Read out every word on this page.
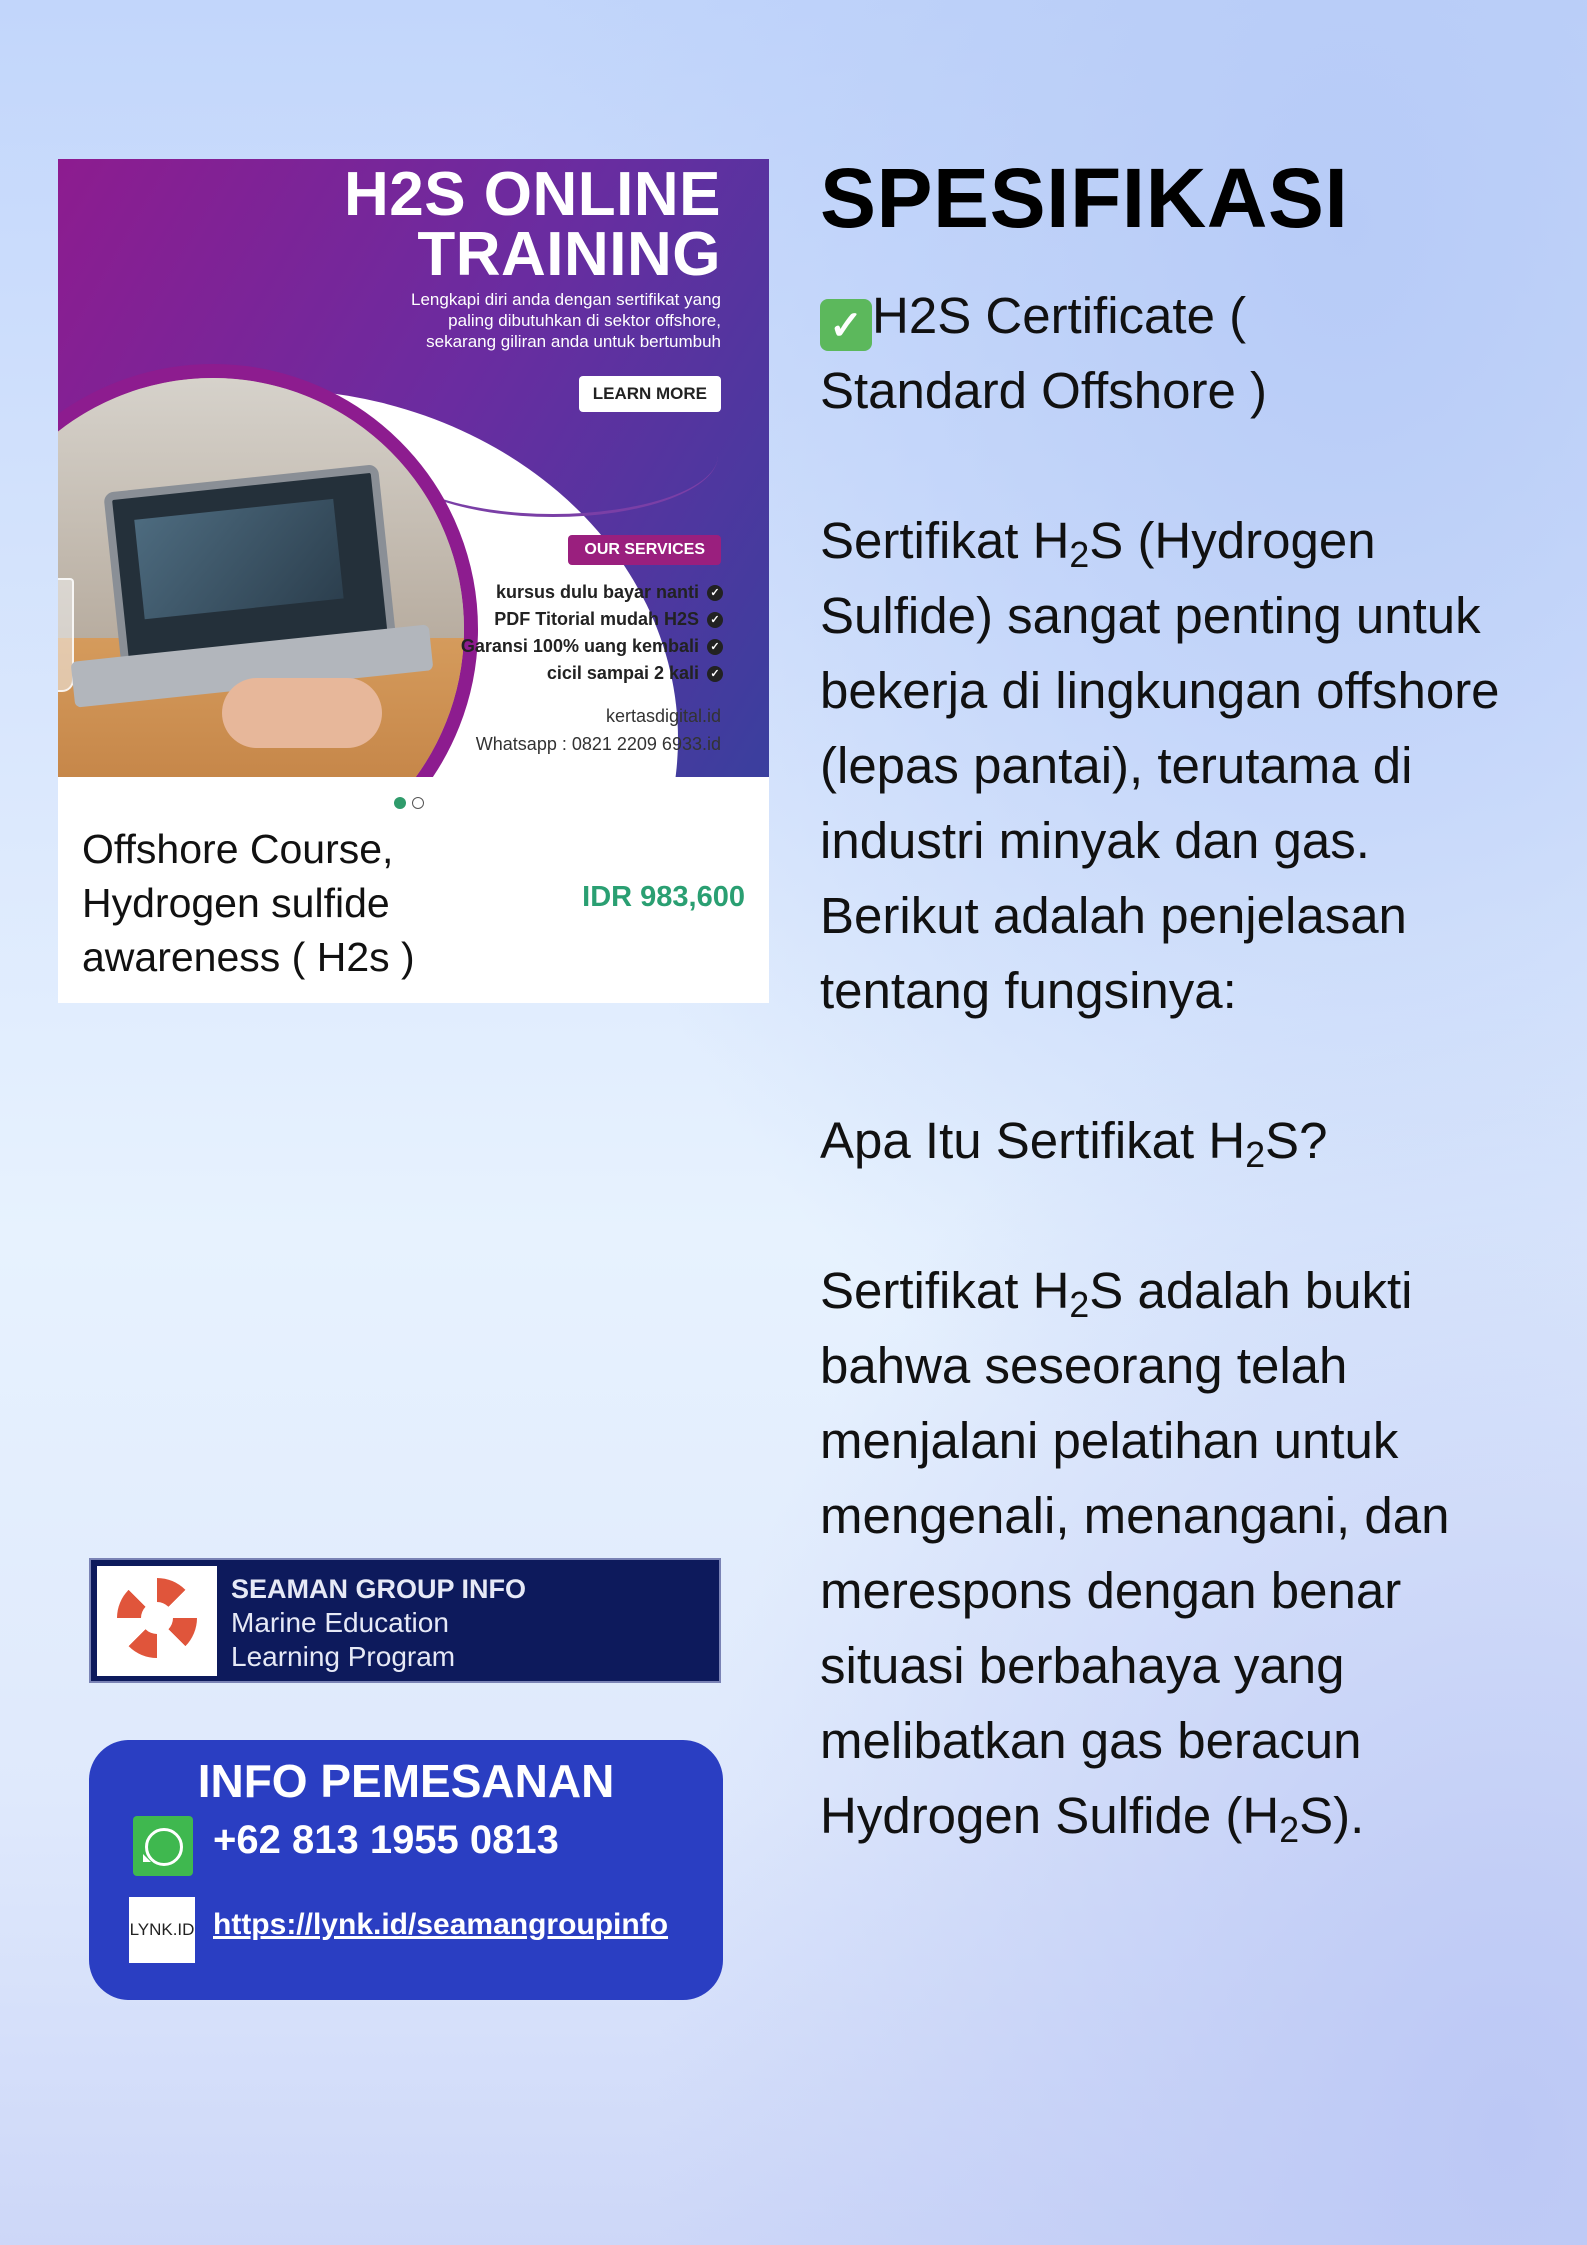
H2S ONLINE
TRAINING
Lengkapi diri anda dengan sertifikat yang
paling dibutuhkan di sektor offshore,
sekarang giliran anda untuk bertumbuh
LEARN MORE
OUR SERVICES
kursus dulu bayar nanti ✓
PDF Titorial mudah H2S ✓
Garansi 100% uang kembali ✓
cicil sampai 2 kali ✓
kertasdigital.id
Whatsapp : 0821 2209 6933.id
Offshore Course,
Hydrogen sulfide
awareness ( H2s )
IDR 983,600
SPESIFIKASI

✓ H2S Certificate (

Standard Offshore )

Sertifikat H2S (Hydrogen Sulfide) sangat penting untuk bekerja di lingkungan offshore (lepas pantai), terutama di industri minyak dan gas. Berikut adalah penjelasan tentang fungsinya:

Apa Itu Sertifikat H2S?

Sertifikat H2S adalah bukti bahwa seseorang telah menjalani pelatihan untuk mengenali, menangani, dan merespons dengan benar situasi berbahaya yang melibatkan gas beracun Hydrogen Sulfide (H2S).

SEAMAN GROUP INFO
Marine Education
Learning Program
INFO PEMESANAN
+62 813 1955 0813
LYNK.ID https://lynk.id/seamangroupinfo
